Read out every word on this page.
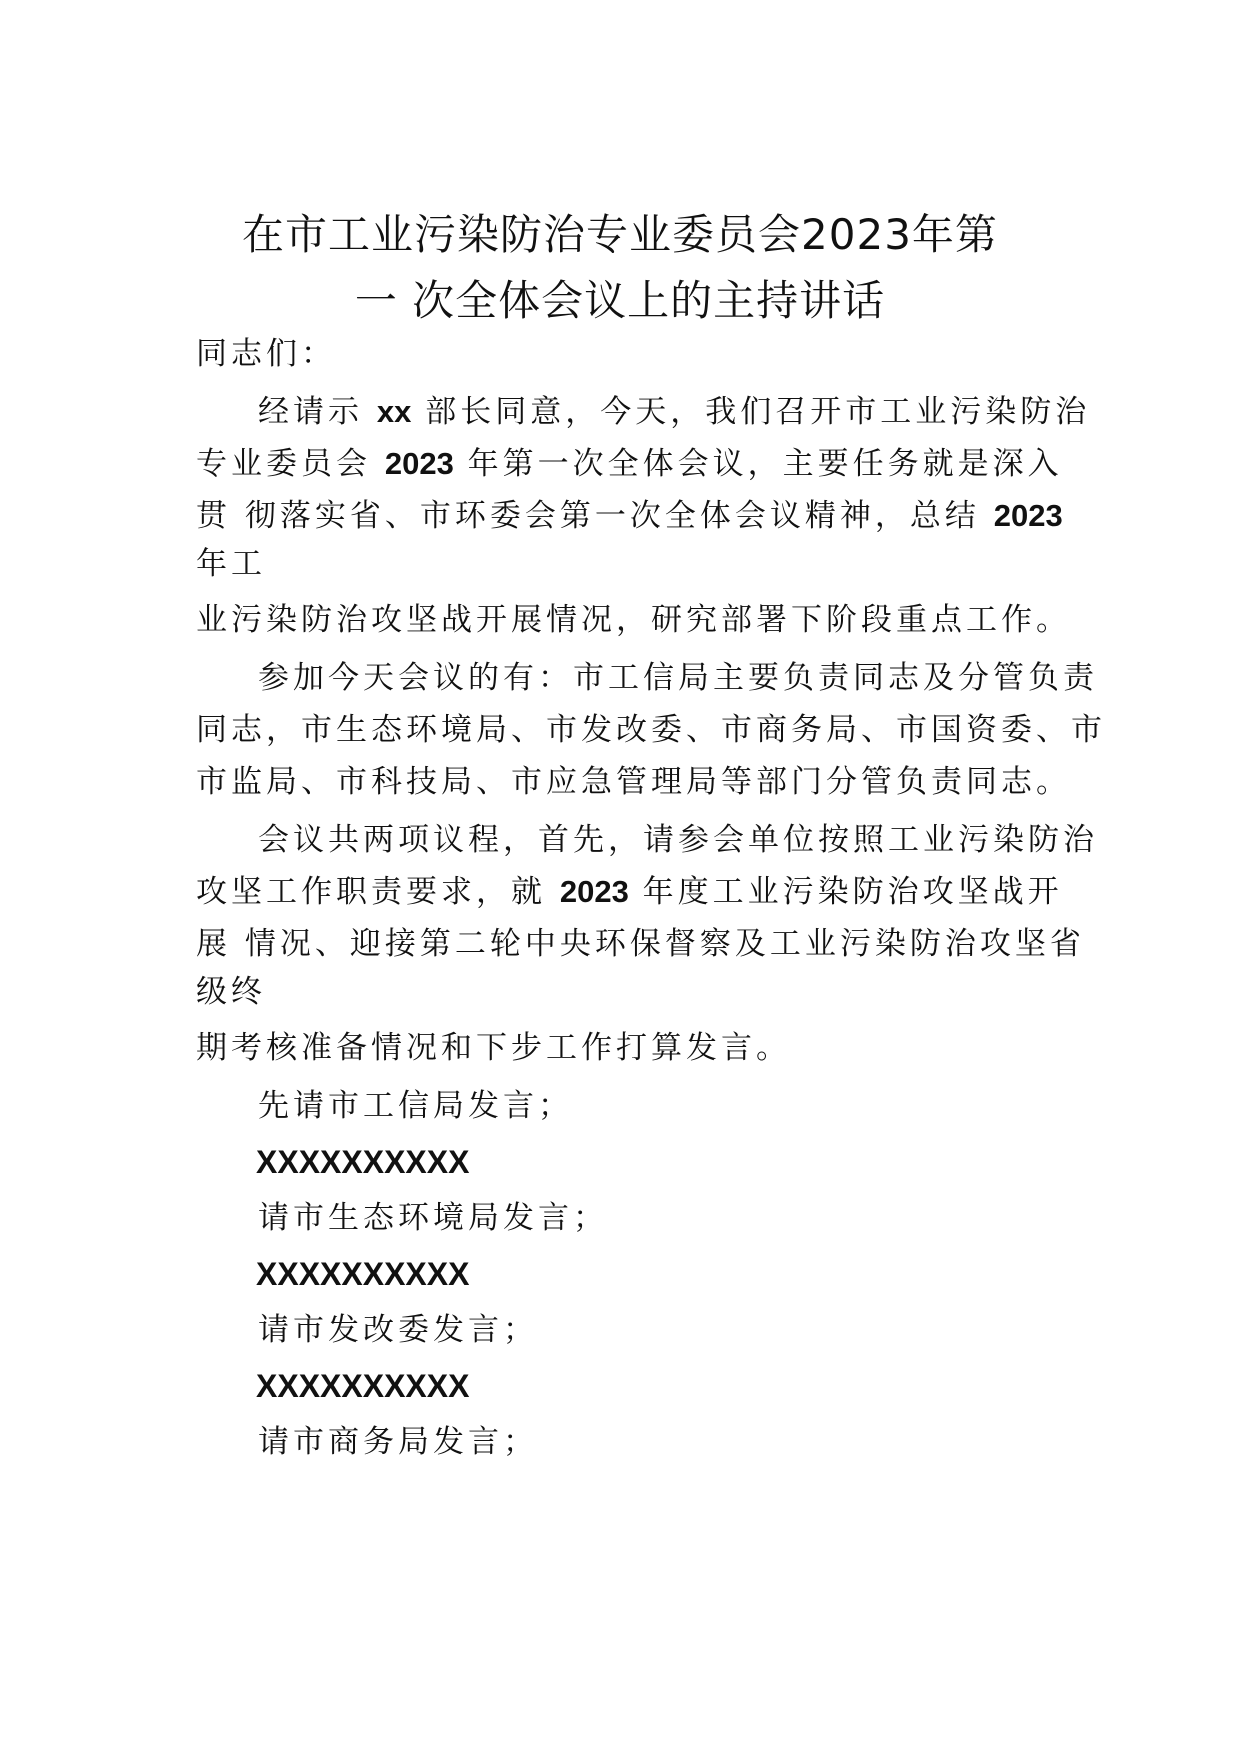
在市工业污染防治专业委员会2023年第
一 次全体会议上的主持讲话
同志们：
经请示 xx 部长同意，今天，我们召开市工业污染防治
专业委员会 2023 年第一次全体会议，主要任务就是深入
贯 彻落实省、市环委会第一次全体会议精神，总结 2023
年工
业污染防治攻坚战开展情况，研究部署下阶段重点工作。
参加今天会议的有：市工信局主要负责同志及分管负责
同志，市生态环境局、市发改委、市商务局、市国资委、市
市监局、市科技局、市应急管理局等部门分管负责同志。
会议共两项议程，首先，请参会单位按照工业污染防治
攻坚工作职责要求，就 2023 年度工业污染防治攻坚战开
展 情况、迎接第二轮中央环保督察及工业污染防治攻坚省
级终
期考核准备情况和下步工作打算发言。
先请市工信局发言；
XXXXXXXXXX
请市生态环境局发言；
XXXXXXXXXX
请市发改委发言；
XXXXXXXXXX
请市商务局发言；
